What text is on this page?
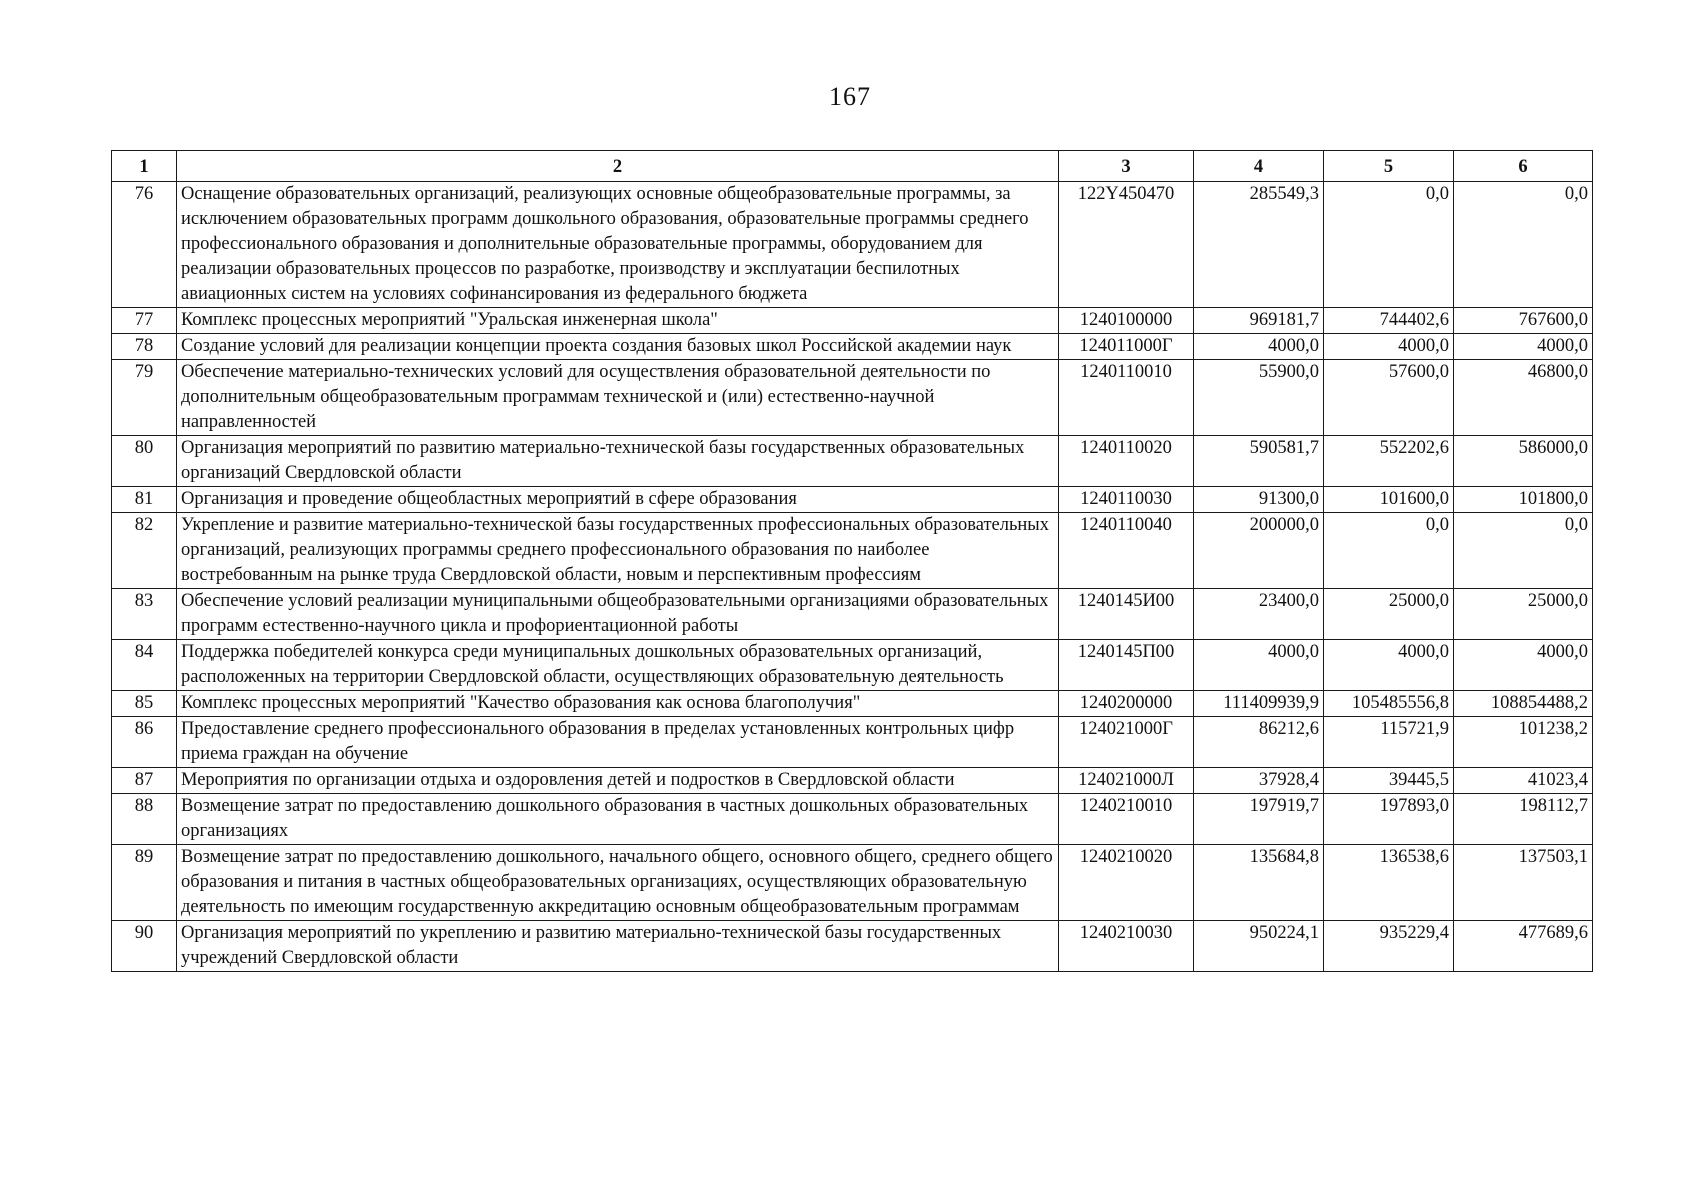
167
1	2	3	4	5	6
76	Оснащение образовательных организаций, реализующих основные общеобразовательные программы, за исключением образовательных программ дошкольного образования, образовательные программы среднего профессионального образования и дополнительные образовательные программы, оборудованием для реализации образовательных процессов по разработке, производству и эксплуатации беспилотных авиационных систем на условиях софинансирования из федерального бюджета	122Y450470	285549,3	0,0	0,0
77	Комплекс процессных мероприятий "Уральская инженерная школа"	1240100000	969181,7	744402,6	767600,0
78	Создание условий для реализации концепции проекта создания базовых школ Российской академии наук	124011000Г	4000,0	4000,0	4000,0
79	Обеспечение материально-технических условий для осуществления образовательной деятельности по дополнительным общеобразовательным программам технической и (или) естественно-научной направленностей	1240110010	55900,0	57600,0	46800,0
80	Организация мероприятий по развитию материально-технической базы государственных образовательных организаций Свердловской области	1240110020	590581,7	552202,6	586000,0
81	Организация и проведение общеобластных мероприятий в сфере образования	1240110030	91300,0	101600,0	101800,0
82	Укрепление и развитие материально-технической базы государственных профессиональных образовательных организаций, реализующих программы среднего профессионального образования по наиболее востребованным на рынке труда Свердловской области, новым и перспективным профессиям	1240110040	200000,0	0,0	0,0
83	Обеспечение условий реализации муниципальными общеобразовательными организациями образовательных программ естественно-научного цикла и профориентационной работы	1240145И00	23400,0	25000,0	25000,0
84	Поддержка победителей конкурса среди муниципальных дошкольных образовательных организаций, расположенных на территории Свердловской области, осуществляющих образовательную деятельность	1240145П00	4000,0	4000,0	4000,0
85	Комплекс процессных мероприятий "Качество образования как основа благополучия"	1240200000	111409939,9	105485556,8	108854488,2
86	Предоставление среднего профессионального образования в пределах установленных контрольных цифр приема граждан на обучение	124021000Г	86212,6	115721,9	101238,2
87	Мероприятия по организации отдыха и оздоровления детей и подростков в Свердловской области	124021000Л	37928,4	39445,5	41023,4
88	Возмещение затрат по предоставлению дошкольного образования в частных дошкольных образовательных организациях	1240210010	197919,7	197893,0	198112,7
89	Возмещение затрат по предоставлению дошкольного, начального общего, основного общего, среднего общего образования и питания в частных общеобразовательных организациях, осуществляющих образовательную деятельность по имеющим государственную аккредитацию основным общеобразовательным программам	1240210020	135684,8	136538,6	137503,1
90	Организация мероприятий по укреплению и развитию материально-технической базы государственных учреждений Свердловской области	1240210030	950224,1	935229,4	477689,6
